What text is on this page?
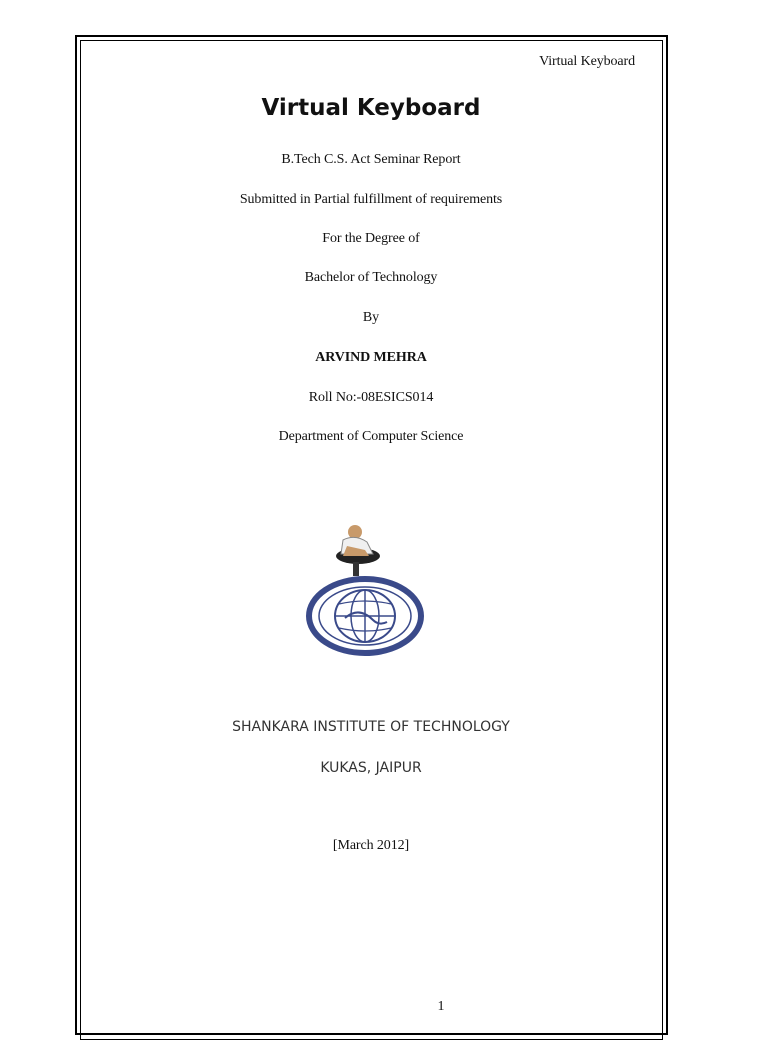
Virtual Keyboard
Virtual Keyboard
B.Tech C.S. Act Seminar Report
Submitted in Partial fulfillment of requirements
For the Degree of
Bachelor of Technology
By
ARVIND MEHRA
Roll No:-08ESICS014
Department of Computer Science
SHANKARA INSTITUTE OF TECHNOLOGY
KUKAS, JAIPUR
[March 2012]
1
